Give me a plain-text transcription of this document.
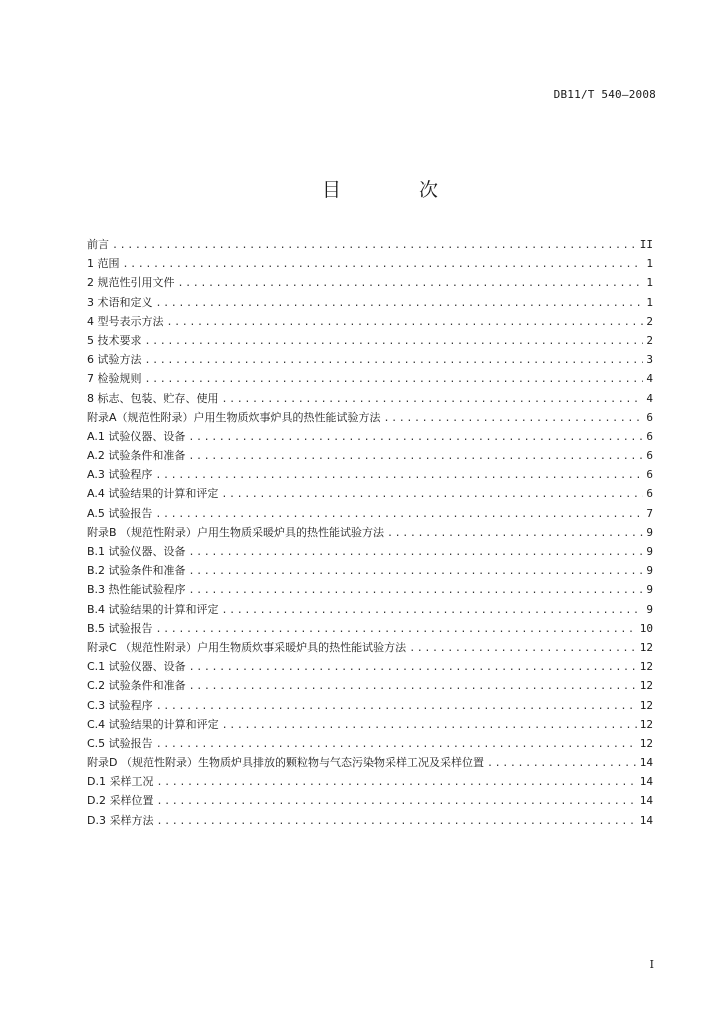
DB11/T 540—2008
目 次
前言 .....	II
1 范围 .....	1
2 规范性引用文件 .....	1
3 术语和定义 .....	1
4 型号表示方法 .....	2
5 技术要求 .....	2
6 试验方法 .....	3
7 检验规则 .....	4
8 标志、包装、贮存、使用 .....	4
附录A（规范性附录）户用生物质炊事炉具的热性能试验方法 .....	6
A.1 试验仪器、设备 .....	6
A.2 试验条件和准备 .....	6
A.3 试验程序 .....	6
A.4 试验结果的计算和评定 .....	6
A.5 试验报告 .....	7
附录B （规范性附录）户用生物质采暖炉具的热性能试验方法 .....	9
B.1 试验仪器、设备 .....	9
B.2 试验条件和准备 .....	9
B.3 热性能试验程序 .....	9
B.4 试验结果的计算和评定 .....	9
B.5 试验报告 .....	10
附录C （规范性附录）户用生物质炊事采暖炉具的热性能试验方法 .....	12
C.1 试验仪器、设备 .....	12
C.2 试验条件和准备 .....	12
C.3 试验程序 .....	12
C.4 试验结果的计算和评定 .....	12
C.5 试验报告 .....	12
附录D （规范性附录）生物质炉具排放的颗粒物与气态污染物采样工况及采样位置 .....	14
D.1 采样工况 .....	14
D.2 采样位置 .....	14
D.3 采样方法 .....	14
I
